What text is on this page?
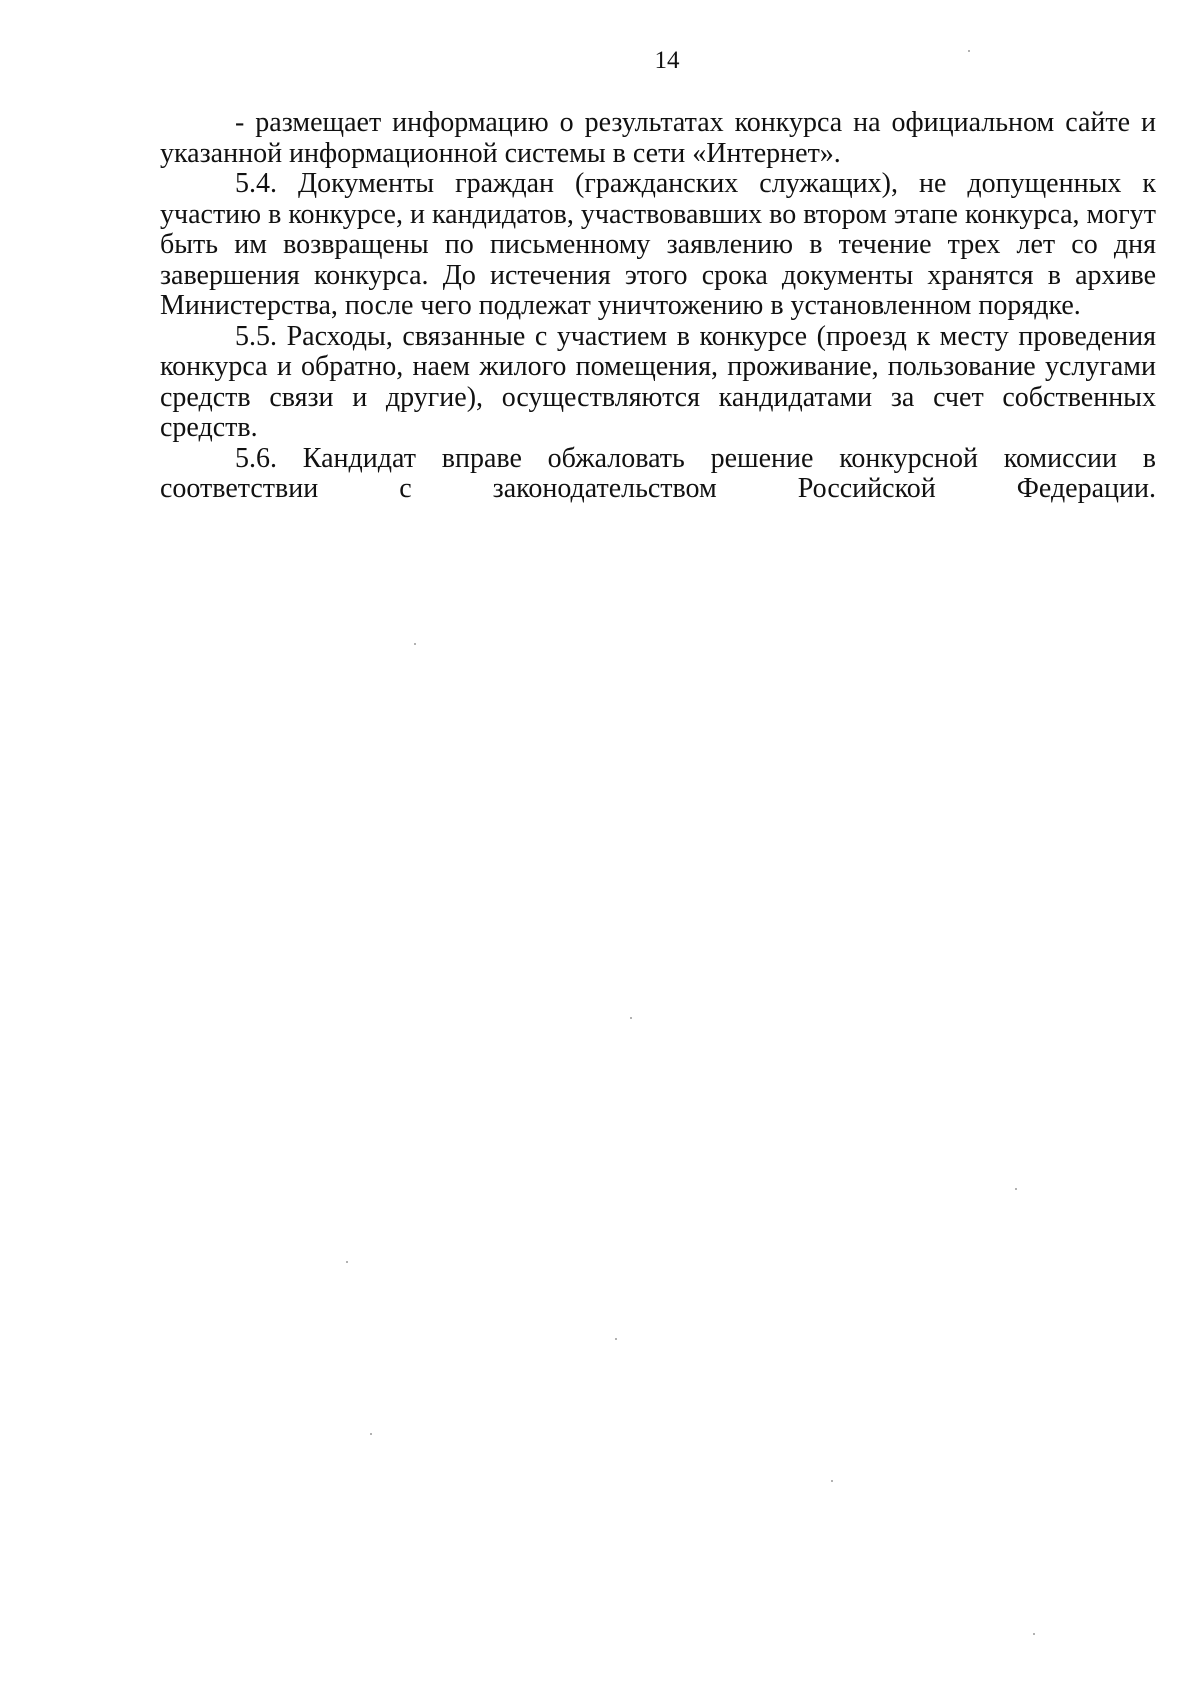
14

- размещает информацию о результатах конкурса на официальном сайте и указанной информационной системы в сети «Интернет».

5.4. Документы граждан (гражданских служащих), не допущенных к участию в конкурсе, и кандидатов, участвовавших во втором этапе конкурса, могут быть им возвращены по письменному заявлению в течение трех лет со дня завершения конкурса. До истечения этого срока документы хранятся в архиве Министерства, после чего подлежат уничтожению в установленном порядке.

5.5. Расходы, связанные с участием в конкурсе (проезд к месту проведения конкурса и обратно, наем жилого помещения, проживание, пользование услугами средств связи и другие), осуществляются кандидатами за счет собственных средств.

5.6. Кандидат вправе обжаловать решение конкурсной комиссии в соответствии с законодательством Российской Федерации.
